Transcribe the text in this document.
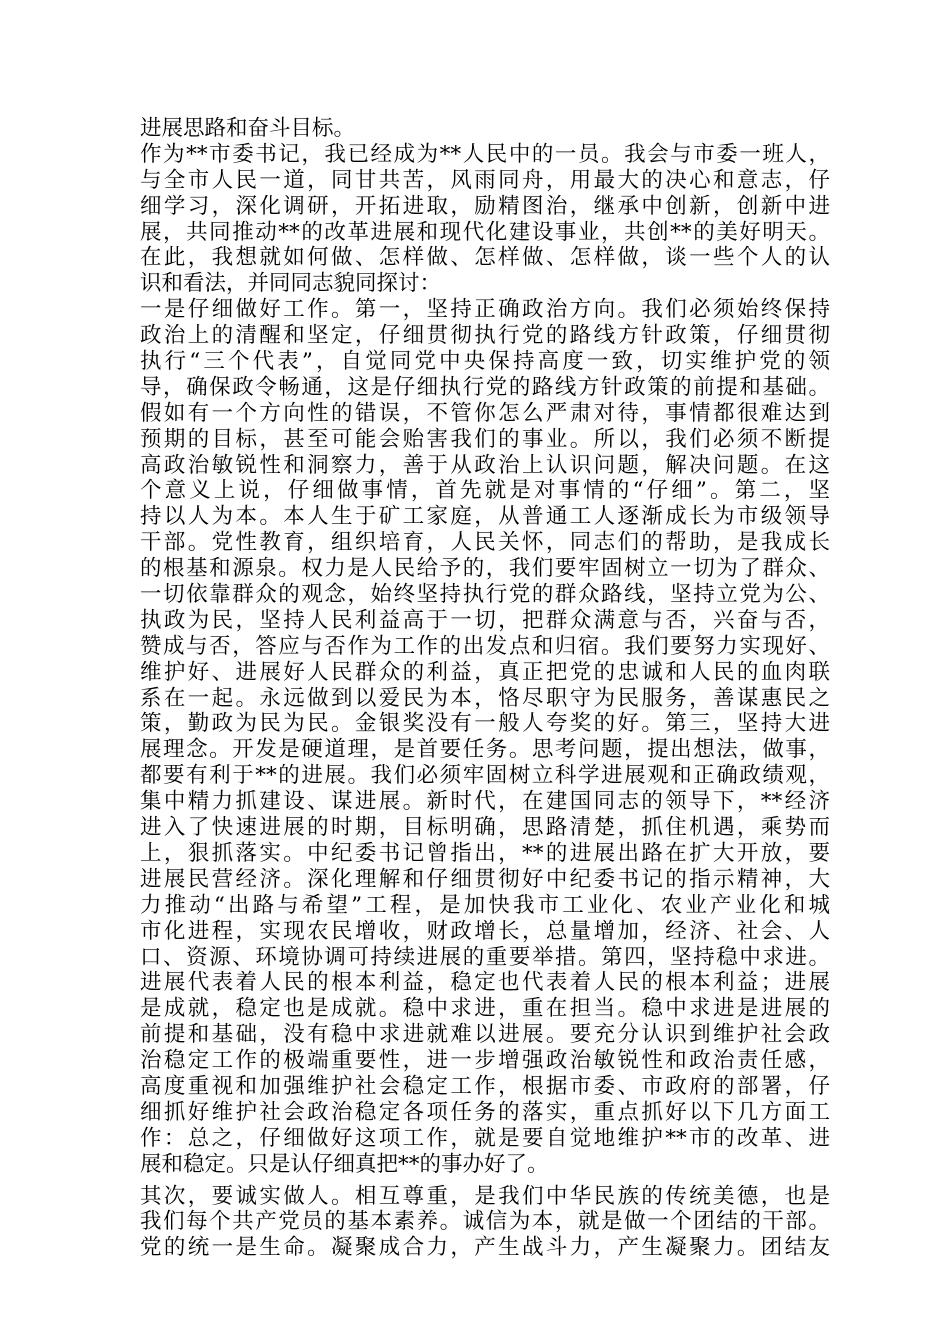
进展思路和奋斗目标。
作为**市委书记，我已经成为**人民中的一员。我会与市委一班人，
与全市人民一道，同甘共苦，风雨同舟，用最大的决心和意志，仔
细学习，深化调研，开拓进取，励精图治，继承中创新，创新中进
展，共同推动**的改革进展和现代化建设事业，共创**的美好明天。
在此，我想就如何做、怎样做、怎样做、怎样做，谈一些个人的认
识和看法，并同同志貌同探讨：
一是仔细做好工作。第一，坚持正确政治方向。我们必须始终保持
政治上的清醒和坚定，仔细贯彻执行党的路线方针政策，仔细贯彻
执行“三个代表”，自觉同党中央保持高度一致，切实维护党的领
导，确保政令畅通，这是仔细执行党的路线方针政策的前提和基础。
假如有一个方向性的错误，不管你怎么严肃对待，事情都很难达到
预期的目标，甚至可能会贻害我们的事业。所以，我们必须不断提
高政治敏锐性和洞察力，善于从政治上认识问题，解决问题。在这
个意义上说，仔细做事情，首先就是对事情的“仔细”。第二，坚
持以人为本。本人生于矿工家庭，从普通工人逐渐成长为市级领导
干部。党性教育，组织培育，人民关怀，同志们的帮助，是我成长
的根基和源泉。权力是人民给予的，我们要牢固树立一切为了群众、
一切依靠群众的观念，始终坚持执行党的群众路线，坚持立党为公、
执政为民，坚持人民利益高于一切，把群众满意与否，兴奋与否，
赞成与否，答应与否作为工作的出发点和归宿。我们要努力实现好、
维护好、进展好人民群众的利益，真正把党的忠诚和人民的血肉联
系在一起。永远做到以爱民为本，恪尽职守为民服务，善谋惠民之
策，勤政为民为民。金银奖没有一般人夸奖的好。第三，坚持大进
展理念。开发是硬道理，是首要任务。思考问题，提出想法，做事，
都要有利于**的进展。我们必须牢固树立科学进展观和正确政绩观，
集中精力抓建设、谋进展。新时代，在建国同志的领导下，**经济
进入了快速进展的时期，目标明确，思路清楚，抓住机遇，乘势而
上，狠抓落实。中纪委书记曾指出，**的进展出路在扩大开放，要
进展民营经济。深化理解和仔细贯彻好中纪委书记的指示精神，大
力推动“出路与希望”工程，是加快我市工业化、农业产业化和城
市化进程，实现农民增收，财政增长，总量增加，经济、社会、人
口、资源、环境协调可持续进展的重要举措。第四，坚持稳中求进。
进展代表着人民的根本利益，稳定也代表着人民的根本利益；进展
是成就，稳定也是成就。稳中求进，重在担当。稳中求进是进展的
前提和基础，没有稳中求进就难以进展。要充分认识到维护社会政
治稳定工作的极端重要性，进一步增强政治敏锐性和政治责任感，
高度重视和加强维护社会稳定工作，根据市委、市政府的部署，仔
细抓好维护社会政治稳定各项任务的落实，重点抓好以下几方面工
作：总之，仔细做好这项工作，就是要自觉地维护**市的改革、进
展和稳定。只是认仔细真把**的事办好了。
其次，要诚实做人。相互尊重，是我们中华民族的传统美德，也是
我们每个共产党员的基本素养。诚信为本，就是做一个团结的干部。
党的统一是生命。凝聚成合力，产生战斗力，产生凝聚力。团结友
